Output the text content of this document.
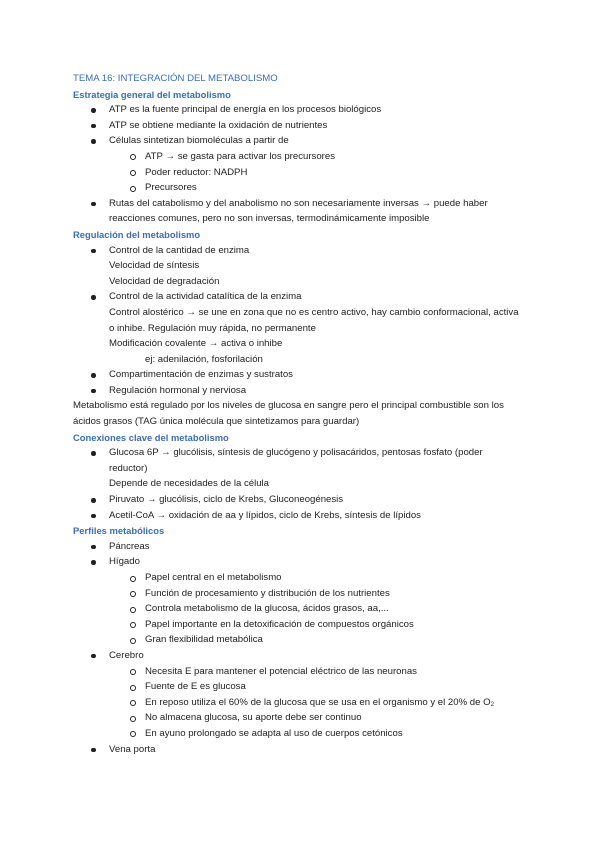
TEMA 16: INTEGRACIÓN DEL METABOLISMO
Estrategia general del metabolismo
ATP es la fuente principal de energía en los procesos biológicos
ATP se obtiene mediante la oxidación de nutrientes
Células sintetizan biomoléculas a partir de
ATP → se gasta para activar los precursores
Poder reductor: NADPH
Precursores
Rutas del catabolismo y del anabolismo no son necesariamente inversas → puede haber reacciones comunes, pero no son inversas, termodinámicamente imposible
Regulación del metabolismo
Control de la cantidad de enzima
Velocidad de síntesis
Velocidad de degradación
Control de la actividad catalítica de la enzima
Control alostérico → se une en zona que no es centro activo, hay cambio conformacional, activa o inhibe. Regulación muy rápida, no permanente
Modificación covalente → activa o inhibe
ej: adenilación, fosforilación
Compartimentación de enzimas y sustratos
Regulación hormonal y nerviosa
Metabolismo está regulado por los niveles de glucosa en sangre pero el principal combustible son los ácidos grasos (TAG única molécula que sintetizamos para guardar)
Conexiones clave del metabolismo
Glucosa 6P → glucólisis, síntesis de glucógeno y polisacáridos, pentosas fosfato (poder reductor)
Depende de necesidades de la célula
Piruvato → glucólisis, ciclo de Krebs, Gluconeogénesis
Acetil-CoA → oxidación de aa y lípidos, ciclo de Krebs, síntesis de lípidos
Perfiles metabólicos
Páncreas
Hígado
Papel central en el metabolismo
Función de procesamiento y distribución de los nutrientes
Controla metabolismo de la glucosa, ácidos grasos, aa,...
Papel importante en la detoxificación de compuestos orgánicos
Gran flexibilidad metabólica
Cerebro
Necesita E para mantener el potencial eléctrico de las neuronas
Fuente de E es glucosa
En reposo utiliza el 60% de la glucosa que se usa en el organismo y el 20% de $O_2$
No almacena glucosa, su aporte debe ser continuo
En ayuno prolongado se adapta al uso de cuerpos cetónicos
Vena porta
